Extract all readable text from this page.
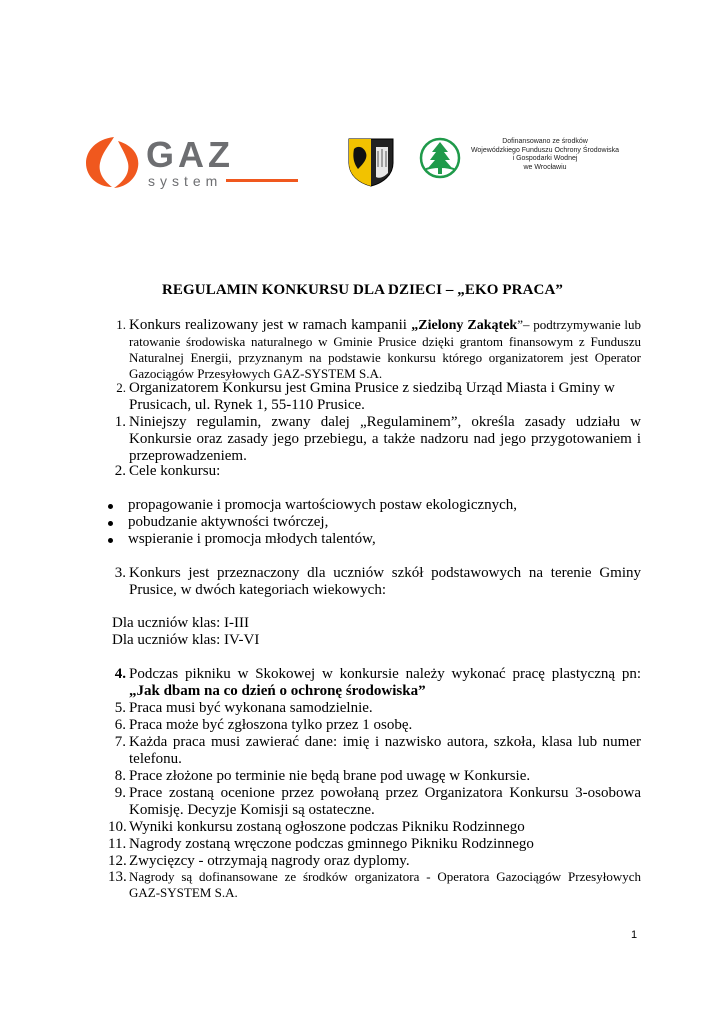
GAZ
system
Dofinansowano ze środków
Wojewódzkiego Funduszu Ochrony Środowiska
i Gospodarki Wodnej
we Wrocławiu
REGULAMIN KONKURSU DLA DZIECI – „EKO PRACA”
1. Konkurs realizowany jest w ramach kampanii „Zielony Zakątek”– podtrzymywanie lub ratowanie środowiska naturalnego w Gminie Prusice dzięki grantom finansowym z Funduszu Naturalnej Energii, przyznanym na podstawie konkursu którego organizatorem jest Operator Gazociągów Przesyłowych GAZ-SYSTEM S.A.
2. Organizatorem Konkursu jest Gmina Prusice z siedzibą Urząd Miasta i Gminy w Prusicach, ul. Rynek 1, 55-110 Prusice.
1. Niniejszy regulamin, zwany dalej „Regulaminem”, określa zasady udziału w Konkursie oraz zasady jego przebiegu, a także nadzoru nad jego przygotowaniem i przeprowadzeniem.
2. Cele konkursu:
propagowanie i promocja wartościowych postaw ekologicznych,
pobudzanie aktywności twórczej,
wspieranie i promocja młodych talentów,
3. Konkurs jest przeznaczony dla uczniów szkół podstawowych na terenie Gminy Prusice, w dwóch kategoriach wiekowych:
Dla uczniów klas: I-III
Dla uczniów klas: IV-VI
4. Podczas pikniku w Skokowej w konkursie należy wykonać pracę plastyczną pn: „Jak dbam na co dzień o ochronę środowiska”
5. Praca musi być wykonana samodzielnie.
6. Praca może być zgłoszona tylko przez 1 osobę.
7. Każda praca musi zawierać dane: imię i nazwisko autora, szkoła, klasa lub numer telefonu.
8. Prace złożone po terminie nie będą brane pod uwagę w Konkursie.
9. Prace zostaną ocenione przez powołaną przez Organizatora Konkursu 3-osobowa Komisję. Decyzje Komisji są ostateczne.
10. Wyniki konkursu zostaną ogłoszone podczas Pikniku Rodzinnego
11. Nagrody zostaną wręczone podczas gminnego Pikniku Rodzinnego
12. Zwycięzcy - otrzymają nagrody oraz dyplomy.
13. Nagrody są dofinansowane ze środków organizatora - Operatora Gazociągów Przesyłowych GAZ-SYSTEM S.A.
1
